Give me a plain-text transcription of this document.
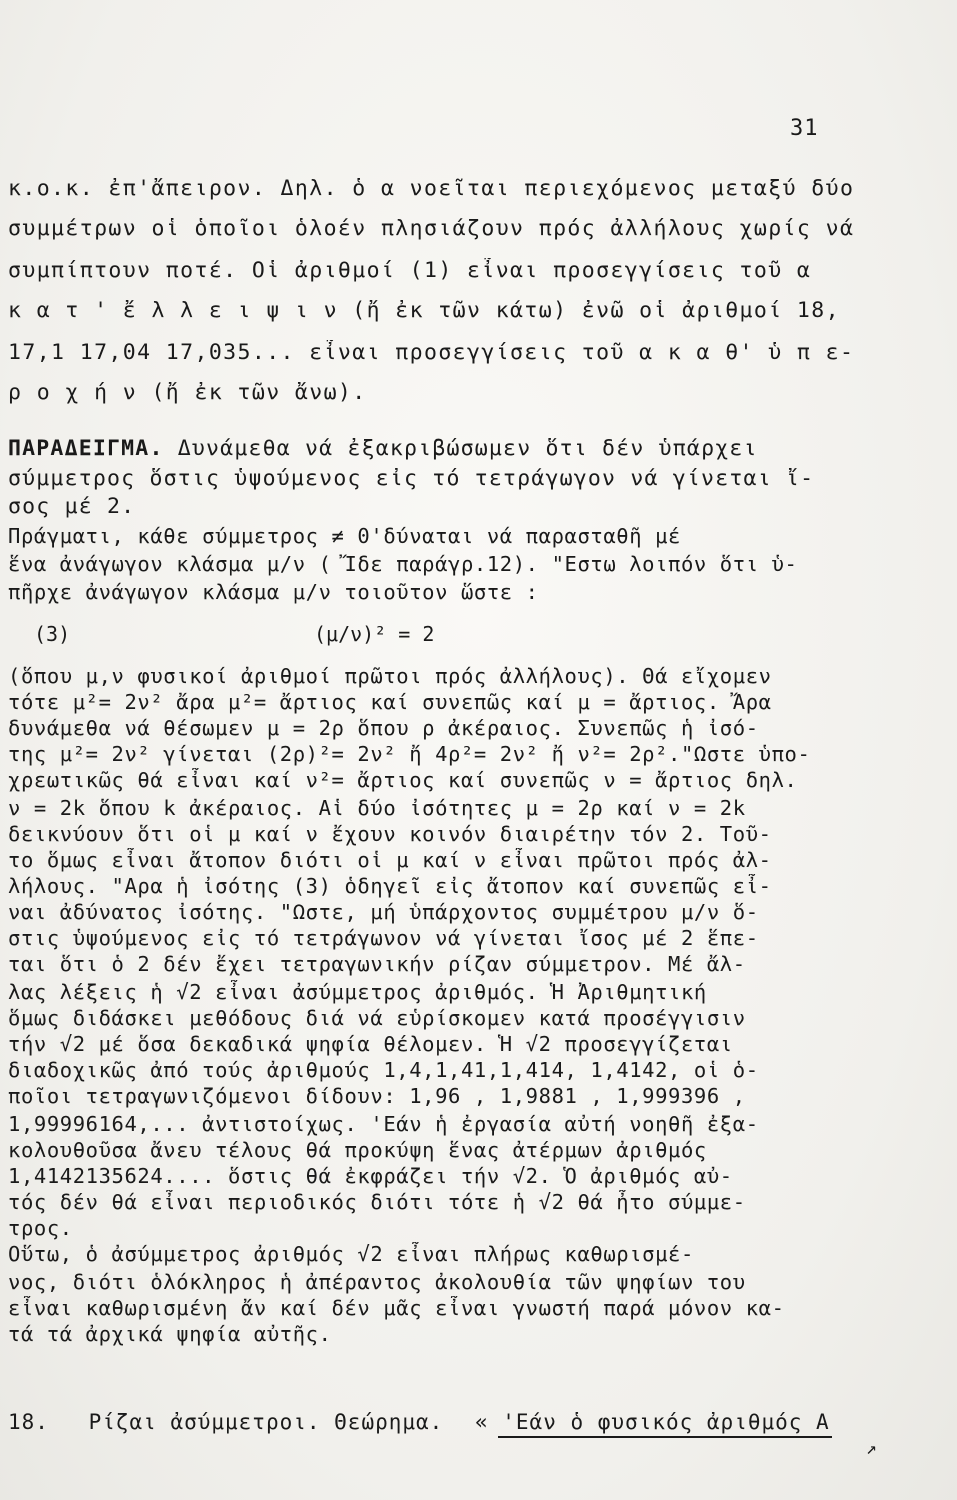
31
κ.ο.κ. ἐπ'ἄπειρον. Δηλ. ὁ α νοεῖται περιεχόμενος μεταξύ δύο
συμμέτρων οἱ ὁποῖοι ὁλοέν πλησιάζουν πρός ἀλλήλους χωρίς νά
συμπίπτουν ποτέ. Οἱ ἀριθμοί (1) εἶναι προσεγγίσεις τοῦ α
κ α τ ' ἔ λ λ ε ι ψ ι ν (ἤ ἐκ τῶν κάτω) ἐνῶ οἱ ἀριθμοί 18,
17,1 17,04 17,035... εἶναι προσεγγίσεις τοῦ α κ α θ' ὑ π ε-
ρ ο χ ή ν (ἤ ἐκ τῶν ἄνω).
ΠΑΡΑΔΕΙΓΜΑ. Δυνάμεθα νά ἐξακριβώσωμεν ὅτι δέν ὑπάρχει
σύμμετρος ὅστις ὑψούμενος εἰς τό τετράγωγον νά γίνεται ἴ-
σος μέ 2.
Πράγματι, κάθε σύμμετρος ≠ 0'δύναται νά παρασταθῆ μέ
ἕνα ἀνάγωγον κλάσμα μ/ν ( Ἴδε παράγρ.12). "Εστω λοιπόν ὅτι ὑ-
πῆρχε ἀνάγωγον κλάσμα μ/ν τοιοῦτον ὥστε :
(3)	(μ/ν)² = 2
(ὅπου μ,ν φυσικοί ἀριθμοί πρῶτοι πρός ἀλλήλους). Θά εἴχομεν
τότε μ²= 2ν² ἄρα μ²= ἄρτιος καί συνεπῶς καί μ = ἄρτιος. Ἄρα
δυνάμεθα νά θέσωμεν μ = 2ρ ὅπου ρ ἀκέραιος. Συνεπῶς ἡ ἰσό-
της μ²= 2ν² γίνεται (2ρ)²= 2ν² ἤ 4ρ²= 2ν² ἤ ν²= 2ρ²."Ωστε ὑπο-
χρεωτικῶς θά εἶναι καί ν²= ἄρτιος καί συνεπῶς ν = ἄρτιος δηλ.
ν = 2k ὅπου k ἀκέραιος. Αἱ δύο ἰσότητες μ = 2ρ καί ν = 2k
δεικνύουν ὅτι οἱ μ καί ν ἔχουν κοινόν διαιρέτην τόν 2. Τοῦ-
το ὅμως εἶναι ἄτοπον διότι οἱ μ καί ν εἶναι πρῶτοι πρός ἀλ-
λήλους. "Αρα ἡ ἰσότης (3) ὁδηγεῖ εἰς ἄτοπον καί συνεπῶς εἶ-
ναι ἀδύνατος ἰσότης. "Ωστε, μή ὑπάρχοντος συμμέτρου μ/ν ὅ-
στις ὑψούμενος εἰς τό τετράγωνον νά γίνεται ἴσος μέ 2 ἕπε-
ται ὅτι ὁ 2 δέν ἔχει τετραγωνικήν ρίζαν σύμμετρον. Μέ ἄλ-
λας λέξεις ἡ √2 εἶναι ἀσύμμετρος ἀριθμός. Ἡ Ἀριθμητική
ὅμως διδάσκει μεθόδους διά νά εὑρίσκομεν κατά προσέγγισιν
τήν √2 μέ ὅσα δεκαδικά ψηφία θέλομεν. Ἡ √2 προσεγγίζεται
διαδοχικῶς ἀπό τούς ἀριθμούς 1,4,1,41,1,414, 1,4142, οἱ ὁ-
ποῖοι τετραγωνιζόμενοι δίδουν: 1,96 , 1,9881 , 1,999396 ,
1,99996164,... ἀντιστοίχως. 'Εάν ἡ ἐργασία αὐτή νοηθῆ ἐξα-
κολουθοῦσα ἄνευ τέλους θά προκύψη ἕνας ἀτέρμων ἀριθμός
1,4142135624.... ὅστις θά ἐκφράζει τήν √2. Ὁ ἀριθμός αὐ-
τός δέν θά εἶναι περιοδικός διότι τότε ἡ √2 θά ἦτο σύμμε-
τρος.
Οὕτω, ὁ ἀσύμμετρος ἀριθμός √2 εἶναι πλήρως καθωρισμέ-
νος, διότι ὁλόκληρος ἡ ἀπέραντος ἀκολουθία τῶν ψηφίων του
εἶναι καθωρισμένη ἄν καί δέν μᾶς εἶναι γνωστή παρά μόνον κα-
τά τά ἀρχικά ψηφία αὐτῆς.
18. Ρίζαι ἀσύμμετροι. Θεώρημα. « 'Εάν ὁ φυσικός ἀριθμός Α
↗
